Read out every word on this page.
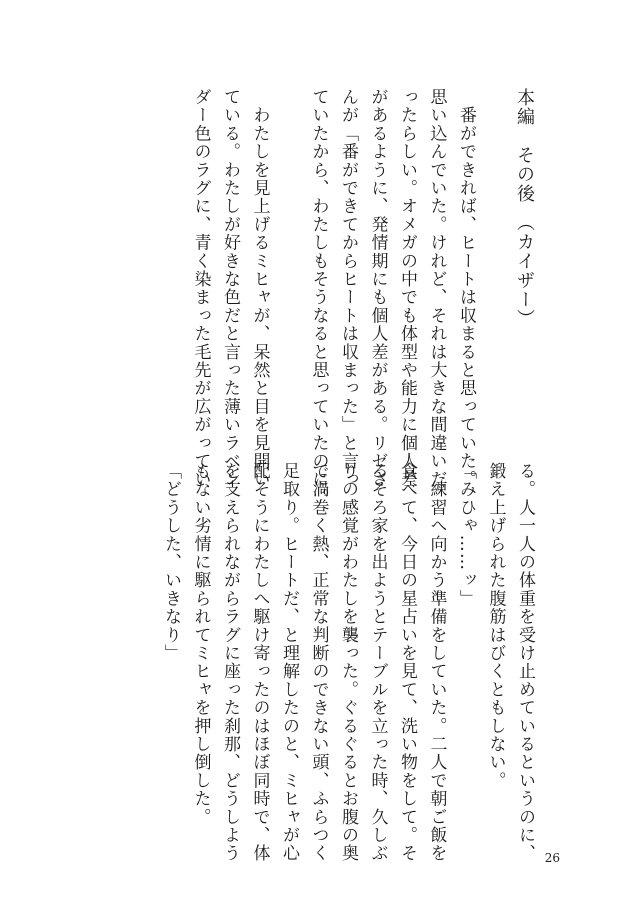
本編　その後　（カイザー）
　番ができれば、ヒートは収まると思っていた。
思い込んでいた。けれど、それは大きな間違いだ
ったらしい。オメガの中でも体型や能力に個人差
があるように、発情期にも個人差がある。リゼさ
んが「番ができてからヒートは収まった」と言っ
ていたから、わたしもそうなると思っていたのに。
　わたしを見上げるミヒャが、呆然と目を見開い
ている。わたしが好きな色だと言った薄いラベン
ダー色のラグに、青く染まった毛先が広がってい
る。人一人の体重を受け止めているというのに、
鍛え上げられた腹筋はびくともしない。
「みひゃ……ッ」
　練習へ向かう準備をしていた。二人で朝ご飯を
食べて、今日の星占いを見て、洗い物をして。そ
ろそろ家を出ようとテーブルを立った時、久しぶ
りの感覚がわたしを襲った。ぐるぐるとお腹の奥
で渦巻く熱、正常な判断のできない頭、ふらつく
足取り。ヒートだ、と理解したのと、ミヒャが心
配そうにわたしへ駆け寄ったのはほぼ同時で、体
を支えられながらラグに座った刹那、どうしよう
もない劣情に駆られてミヒャを押し倒した。
「どうした、いきなり」
26
